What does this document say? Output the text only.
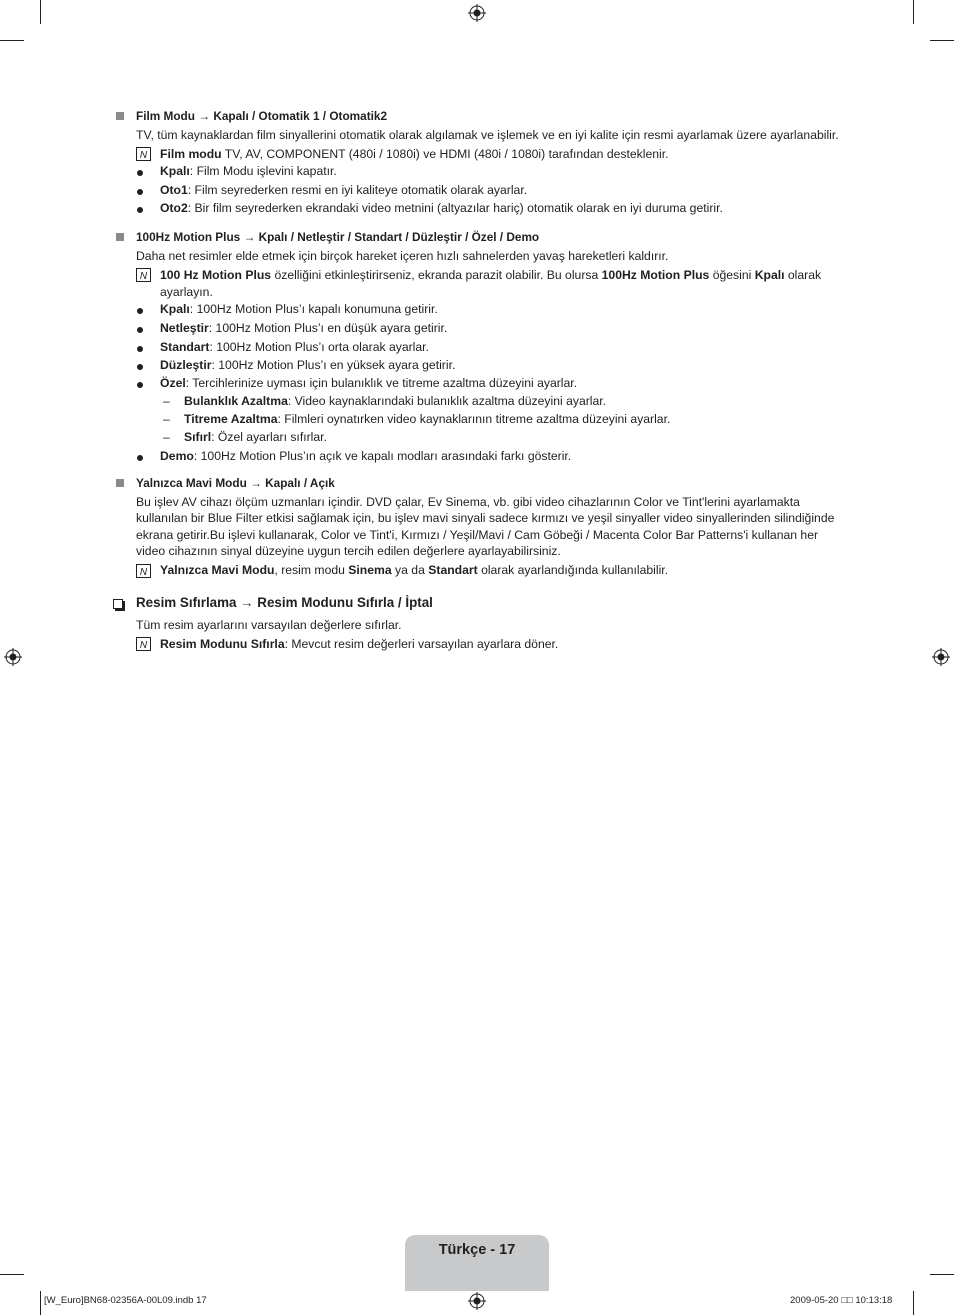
Film Modu → Kapalı / Otomatik 1 / Otomatik2
TV, tüm kaynaklardan film sinyallerini otomatik olarak algılamak ve işlemek ve en iyi kalite için resmi ayarlamak üzere ayarlanabilir.
N Film modu TV, AV, COMPONENT (480i / 1080i) ve HDMI (480i / 1080i) tarafından desteklenir.
Kpalı: Film Modu işlevini kapatır.
Oto1: Film seyrederken resmi en iyi kaliteye otomatik olarak ayarlar.
Oto2: Bir film seyrederken ekrandaki video metnini (altyazılar hariç) otomatik olarak en iyi duruma getirir.
100Hz Motion Plus → Kpalı / Netleştir / Standart / Düzleştir / Özel / Demo
Daha net resimler elde etmek için birçok hareket içeren hızlı sahnelerden yavaş hareketleri kaldırır.
N 100 Hz Motion Plus özelliğini etkinleştirirseniz, ekranda parazit olabilir. Bu olursa 100Hz Motion Plus öğesini Kpalı olarak ayarlayın.
Kpalı: 100Hz Motion Plus’ı kapalı konumuna getirir.
Netleştir: 100Hz Motion Plus’ı en düşük ayara getirir.
Standart: 100Hz Motion Plus’ı orta olarak ayarlar.
Düzleştir: 100Hz Motion Plus’ı en yüksek ayara getirir.
Özel: Tercihlerinize uyması için bulanıklık ve titreme azaltma düzeyini ayarlar.
– Bulanklık Azaltma: Video kaynaklarındaki bulanıklık azaltma düzeyini ayarlar.
– Titreme Azaltma: Filmleri oynatırken video kaynaklarının titreme azaltma düzeyini ayarlar.
– Sıfırl: Özel ayarları sıfırlar.
Demo: 100Hz Motion Plus’ın açık ve kapalı modları arasındaki farkı gösterir.
Yalnızca Mavi Modu → Kapalı / Açık
Bu işlev AV cihazı ölçüm uzmanları içindir. DVD çalar, Ev Sinema, vb. gibi video cihazlarının Color ve Tint'lerini ayarlamakta kullanılan bir Blue Filter etkisi sağlamak için, bu işlev mavi sinyali sadece kırmızı ve yeşil sinyaller video sinyallerinden silindiğinde ekrana getirir.Bu işlevi kullanarak, Color ve Tint'i, Kırmızı / Yeşil/Mavi / Cam Göbeği / Macenta Color Bar Patterns'i kullanan her video cihazının sinyal düzeyine uygun tercih edilen değerlere ayarlayabilirsiniz.
N Yalnızca Mavi Modu, resim modu Sinema ya da Standart olarak ayarlandığında kullanılabilir.
Resim Sıfırlama → Resim Modunu Sıfırla / İptal
Tüm resim ayarlarını varsayılan değerlere sıfırlar.
N Resim Modunu Sıfırla: Mevcut resim değerleri varsayılan ayarlara döner.
Türkçe - 17
[W_Euro]BN68-02356A-00L09.indb 17	2009-05-20 □□ 10:13:18
